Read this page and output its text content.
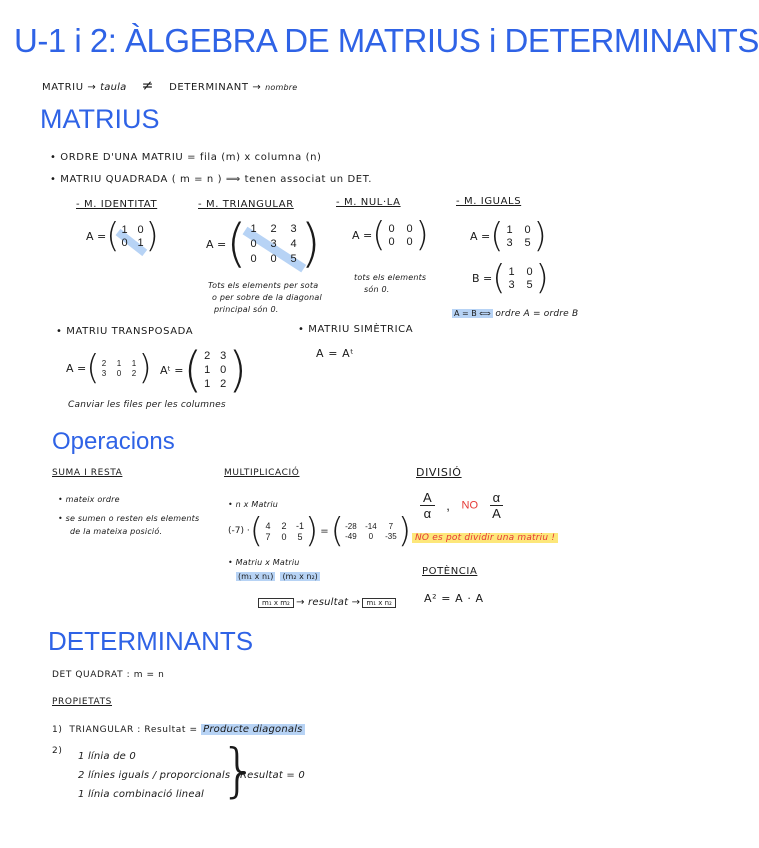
U-1 i 2: ÀLGEBRA DE MATRIUS i DETERMINANTS
MATRIU → taula ≠ DETERMINANT → nombre
MATRIUS
• ORDRE D'UNA MATRIU = fila (m) x columna (n)
• MATRIU QUADRADA ( m = n ) ⟹ tenen associat un DET.
- M. IDENTITAT
A = ( 1 0
0 1 )
- M. TRIANGULAR
A = ( 1	2	3
0	3	4
0	0	5 )
Tots els elements per sota
o per sobre de la diagonal
principal són 0.
- M. NUL·LA
A = ( 0 0
0 0 )
tots els elements
són 0.
- M. IGUALS
A = ( 1 0
3 5 )
B = ( 1 0
3 5 )
A = B ⟺ ordre A = ordre B
• MATRIU TRANSPOSADA
A = ( 2 1 1
3 0 2 ) Aᵗ = ( 2 3
1 0
1 2 )
Canviar les files per les columnes
• MATRIU SIMÈTRICA
A = Aᵗ
Operacions
SUMA I RESTA
• mateix ordre
• se sumen o resten els elements
de la mateixa posició.
MULTIPLICACIÓ
• n x Matriu
(-7) · ( 4 2 -1
7 0 5 ) = ( -28 -14	7
-49	0	-35 )
• Matriu x Matriu
(m₁ x n₁) (m₂ x n₂)
m₁ x m₂ → resultat → m₁ x n₂
DIVISIÓ
$\frac{A}{\alpha}$ , NO $\frac{\alpha}{A}$
NO es pot dividir una matriu !
POTÈNCIA
A² = A · A
DETERMINANTS
DET QUADRAT : m = n
PROPIETATS
1) TRIANGULAR : Resultat = Producte diagonals
2) 1 línia de 0
2 línies iguals / proporcionals
1 línia combinació lineal }
Resultat = 0
